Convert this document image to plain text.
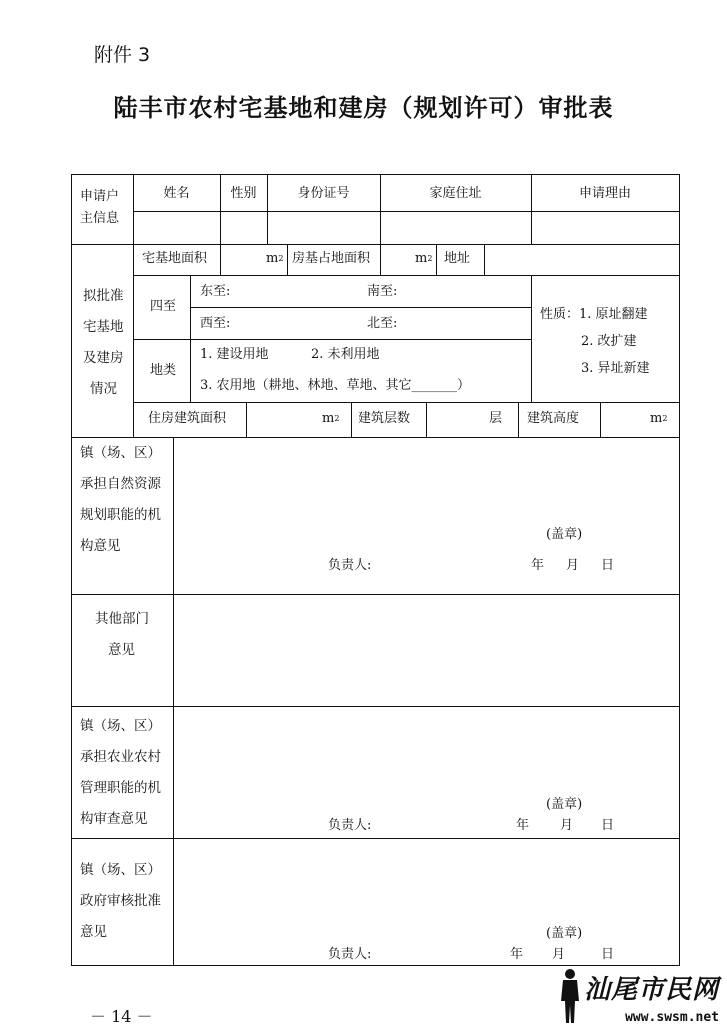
附件 3
陆丰市农村宅基地和建房（规划许可）审批表
申请户
主信息
姓名	性别	身份证号	家庭住址	申请理由
宅基地面积	$m^2$ 房基占地面积	$m^2$ 地址
拟批准
宅基地
及建房
情况
四至
东至:	南至:
西至:	北至:
地类
1. 建设用地	2. 未利用地
3. 农用地（耕地、林地、草地、其它_______）
性质：1. 原址翻建
2. 改扩建
3. 异址新建
住房建筑面积	$m^2$ 建筑层数	层 建筑高度	$m^2$
镇（场、区）
承担自然资源
规划职能的机
构意见
(盖章)
负责人:	年 月 日
其他部门
意见
镇（场、区）
承担农业农村
管理职能的机
构审查意见
(盖章)
负责人:	年 月 日
镇（场、区）
政府审核批准
意见	(盖章)
负责人:	年 月	日
－ 14 －
汕尾市民网
www.swsm.net
